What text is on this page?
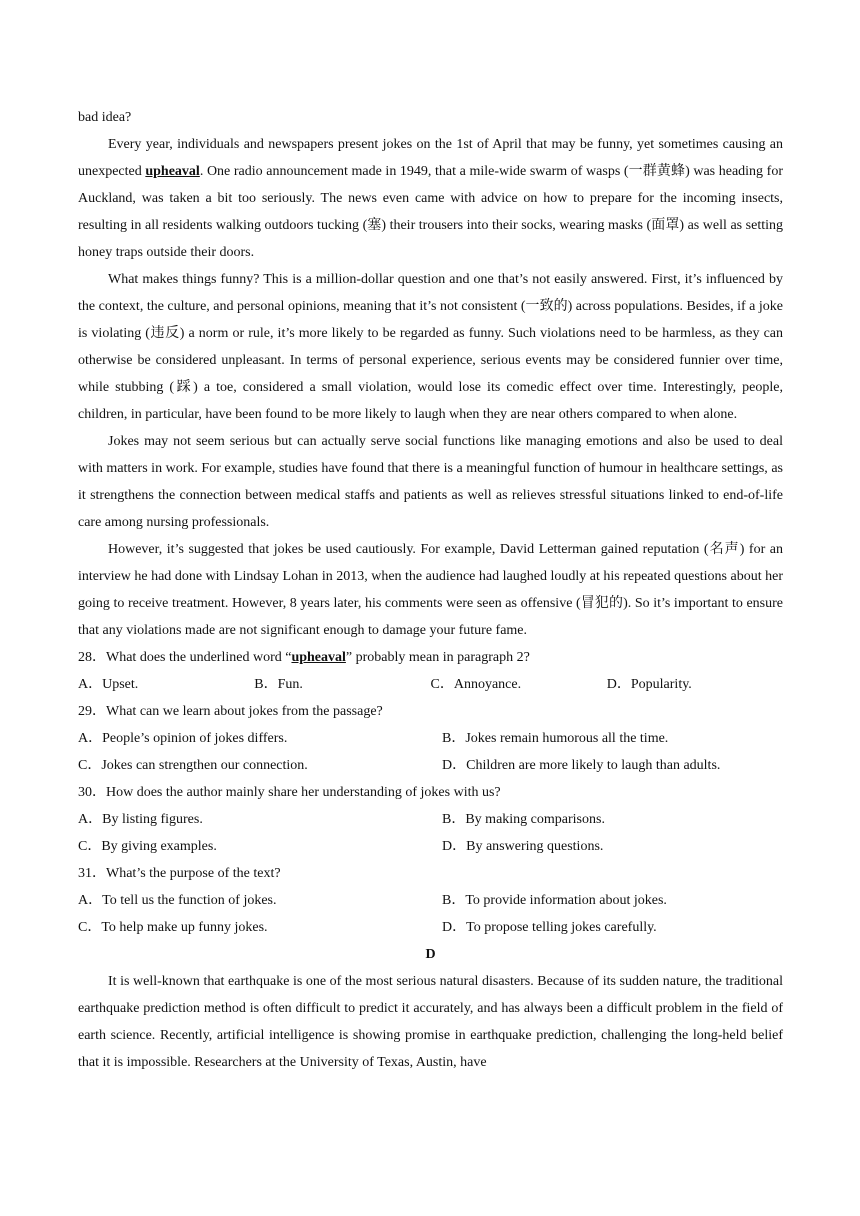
bad idea?

Every year, individuals and newspapers present jokes on the 1st of April that may be funny, yet sometimes causing an unexpected upheaval. One radio announcement made in 1949, that a mile-wide swarm of wasps (一群黄蜂) was heading for Auckland, was taken a bit too seriously. The news even came with advice on how to prepare for the incoming insects, resulting in all residents walking outdoors tucking (塞) their trousers into their socks, wearing masks (面罩) as well as setting honey traps outside their doors.

What makes things funny? This is a million-dollar question and one that’s not easily answered. First, it’s influenced by the context, the culture, and personal opinions, meaning that it’s not consistent (一致的) across populations. Besides, if a joke is violating (违反) a norm or rule, it’s more likely to be regarded as funny. Such violations need to be harmless, as they can otherwise be considered unpleasant. In terms of personal experience, serious events may be considered funnier over time, while stubbing (踩) a toe, considered a small violation, would lose its comedic effect over time. Interestingly, people, children, in particular, have been found to be more likely to laugh when they are near others compared to when alone.

Jokes may not seem serious but can actually serve social functions like managing emotions and also be used to deal with matters in work. For example, studies have found that there is a meaningful function of humour in healthcare settings, as it strengthens the connection between medical staffs and patients as well as relieves stressful situations linked to end-of-life care among nursing professionals.

However, it’s suggested that jokes be used cautiously. For example, David Letterman gained reputation (名声) for an interview he had done with Lindsay Lohan in 2013, when the audience had laughed loudly at his repeated questions about her going to receive treatment. However, 8 years later, his comments were seen as offensive (冒犯的). So it’s important to ensure that any violations made are not significant enough to damage your future fame.

28．What does the underlined word “upheaval” probably mean in paragraph 2?
A．Upset.	B．Fun.	C．Annoyance.	D．Popularity.
29．What can we learn about jokes from the passage?
A．People’s opinion of jokes differs.	B．Jokes remain humorous all the time.
C．Jokes can strengthen our connection.	D．Children are more likely to laugh than adults.
30．How does the author mainly share her understanding of jokes with us?
A．By listing figures.	B．By making comparisons.
C．By giving examples.	D．By answering questions.
31．What’s the purpose of the text?
A．To tell us the function of jokes.	B．To provide information about jokes.
C．To help make up funny jokes.	D．To propose telling jokes carefully.
D

It is well-known that earthquake is one of the most serious natural disasters. Because of its sudden nature, the traditional earthquake prediction method is often difficult to predict it accurately, and has always been a difficult problem in the field of earth science. Recently, artificial intelligence is showing promise in earthquake prediction, challenging the long-held belief that it is impossible. Researchers at the University of Texas, Austin, have
